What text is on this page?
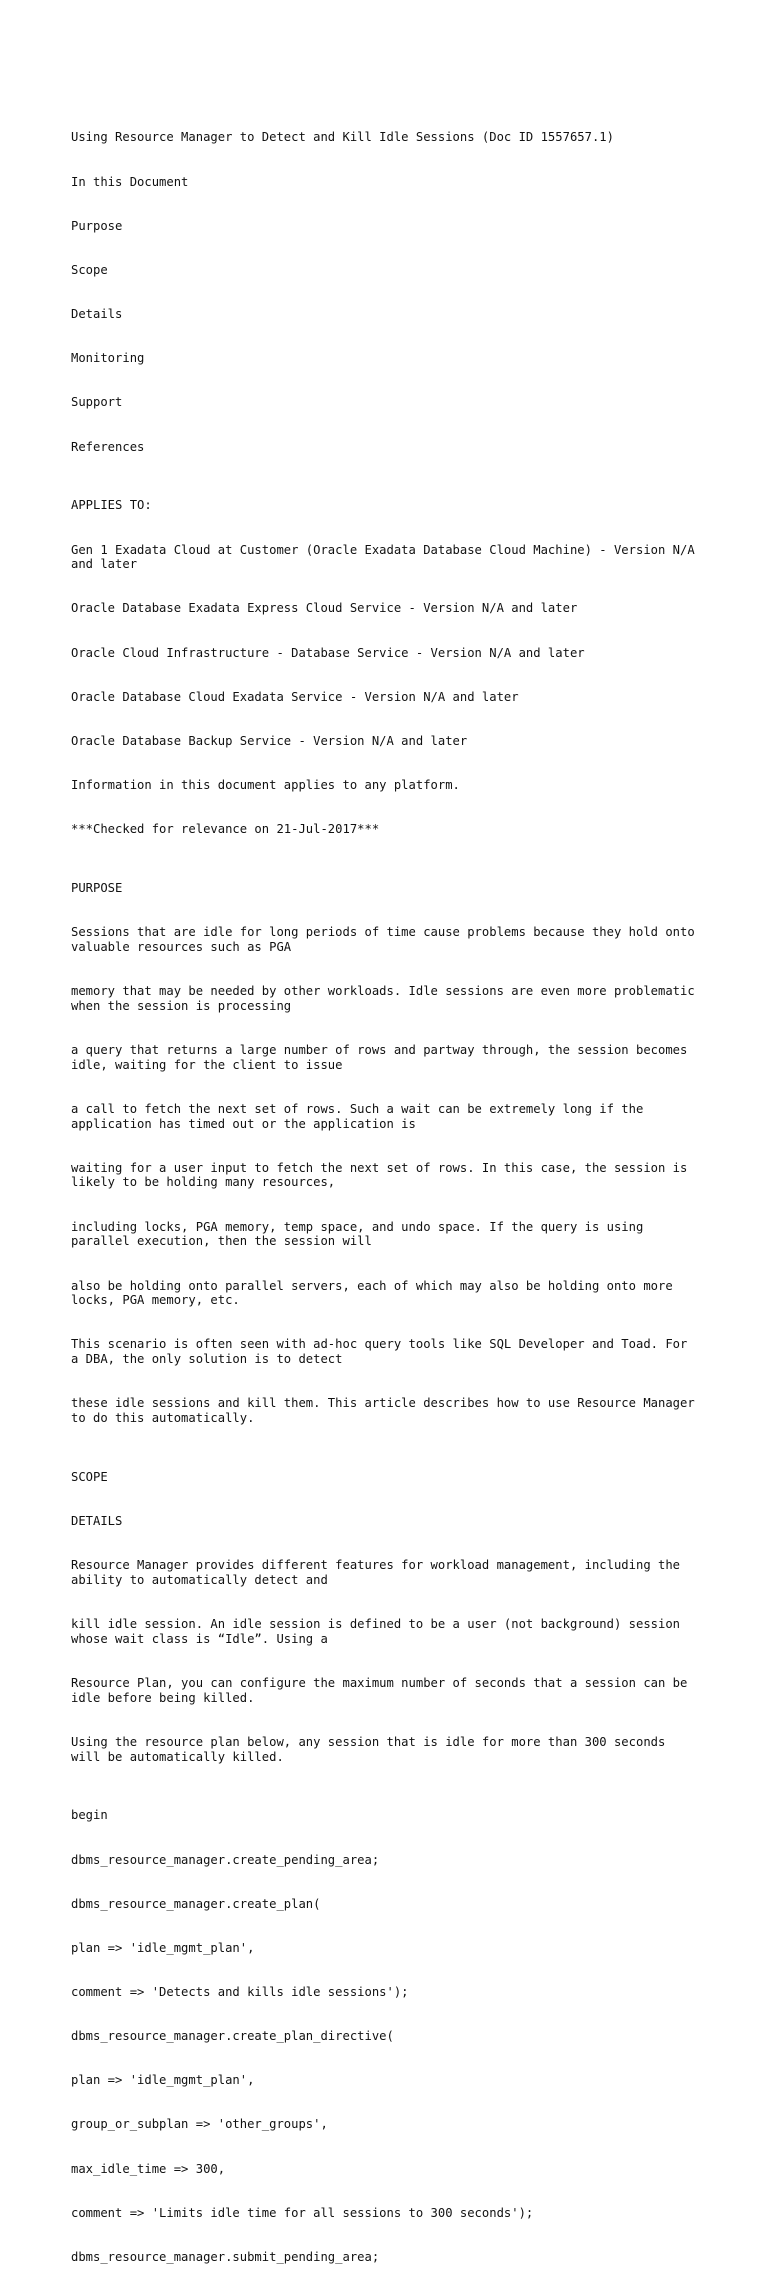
Using Resource Manager to Detect and Kill Idle Sessions (Doc ID 1557657.1)

In this Document

Purpose

Scope

Details

Monitoring

Support

References

APPLIES TO:

Gen 1 Exadata Cloud at Customer (Oracle Exadata Database Cloud Machine) - Version N/A and later

Oracle Database Exadata Express Cloud Service - Version N/A and later

Oracle Cloud Infrastructure - Database Service - Version N/A and later

Oracle Database Cloud Exadata Service - Version N/A and later

Oracle Database Backup Service - Version N/A and later

Information in this document applies to any platform.

***Checked for relevance on 21-Jul-2017***

PURPOSE

Sessions that are idle for long periods of time cause problems because they hold onto valuable resources such as PGA

memory that may be needed by other workloads. Idle sessions are even more problematic when the session is processing

a query that returns a large number of rows and partway through, the session becomes idle, waiting for the client to issue

a call to fetch the next set of rows. Such a wait can be extremely long if the application has timed out or the application is

waiting for a user input to fetch the next set of rows. In this case, the session is likely to be holding many resources,

including locks, PGA memory, temp space, and undo space. If the query is using parallel execution, then the session will

also be holding onto parallel servers, each of which may also be holding onto more locks, PGA memory, etc.

This scenario is often seen with ad-hoc query tools like SQL Developer and Toad. For a DBA, the only solution is to detect

these idle sessions and kill them. This article describes how to use Resource Manager to do this automatically.

SCOPE

DETAILS

Resource Manager provides different features for workload management, including the ability to automatically detect and

kill idle session. An idle session is defined to be a user (not background) session whose wait class is “Idle”. Using a

Resource Plan, you can configure the maximum number of seconds that a session can be idle before being killed.

Using the resource plan below, any session that is idle for more than 300 seconds will be automatically killed.

begin

dbms_resource_manager.create_pending_area;

dbms_resource_manager.create_plan(

plan => 'idle_mgmt_plan',

comment => 'Detects and kills idle sessions');

dbms_resource_manager.create_plan_directive(

plan => 'idle_mgmt_plan',

group_or_subplan => 'other_groups',

max_idle_time => 300,

comment => 'Limits idle time for all sessions to 300 seconds');

dbms_resource_manager.submit_pending_area;
